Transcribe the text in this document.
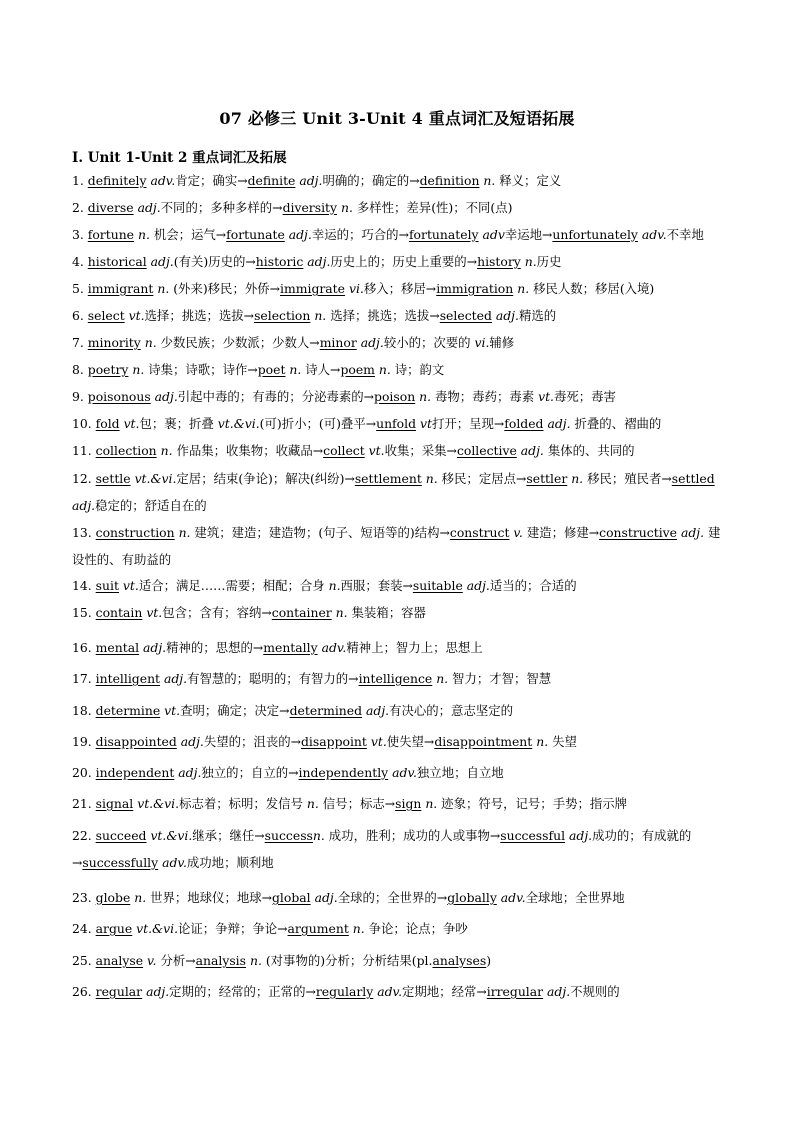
07 必修三 Unit 3-Unit 4 重点词汇及短语拓展
I. Unit 1-Unit 2 重点词汇及拓展
1. definitely adv.肯定；确实→definite adj.明确的；确定的→definition n. 释义；定义
2. diverse adj.不同的；多种多样的→diversity n. 多样性；差异(性)；不同(点)
3. fortune n. 机会；运气→fortunate adj.幸运的；巧合的→fortunately adv幸运地→unfortunately adv.不幸地
4. historical adj.(有关)历史的→historic adj.历史上的；历史上重要的→history n.历史
5. immigrant n. (外来)移民；外侨→immigrate vi.移入；移居→immigration n. 移民人数；移居(入境)
6. select vt.选择；挑选；选拔→selection n. 选择；挑选；选拔→selected adj.精选的
7. minority n. 少数民族；少数派；少数人→minor adj.较小的；次要的 vi.辅修
8. poetry n. 诗集；诗歌；诗作→poet n. 诗人→poem n. 诗；韵文
9. poisonous adj.引起中毒的；有毒的；分泌毒素的→poison n. 毒物；毒药；毒素 vt.毒死；毒害
10. fold vt.包；裹；折叠 vt.&vi.(可)折小；(可)叠平→unfold vt打开；呈现→folded adj. 折叠的、褶曲的
11. collection n. 作品集；收集物；收藏品→collect vt.收集；采集→collective adj. 集体的、共同的
12. settle vt.&vi.定居；结束(争论)；解决(纠纷)→settlement n. 移民；定居点→settler n. 移民；殖民者→settled adj.稳定的；舒适自在的
13. construction n. 建筑；建造；建造物；(句子、短语等的)结构→construct v. 建造；修建→constructive adj. 建设性的、有助益的
14. suit vt.适合；满足……需要；相配；合身 n.西服；套装→suitable adj.适当的；合适的
15. contain vt.包含；含有；容纳→container n. 集装箱；容器
16. mental adj.精神的；思想的→mentally adv.精神上；智力上；思想上
17. intelligent adj.有智慧的；聪明的；有智力的→intelligence n. 智力；才智；智慧
18. determine vt.查明；确定；决定→determined adj.有决心的；意志坚定的
19. disappointed adj.失望的；沮丧的→disappoint vt.使失望→disappointment n. 失望
20. independent adj.独立的；自立的→independently adv.独立地；自立地
21. signal vt.&vi.标志着；标明；发信号 n. 信号；标志→sign n. 迹象；符号，记号；手势；指示牌
22. succeed vt.&vi.继承；继任→successn. 成功，胜利；成功的人或事物→successful adj.成功的；有成就的→successfully adv.成功地；顺利地
23. globe n. 世界；地球仪；地球→global adj.全球的；全世界的→globally adv.全球地；全世界地
24. argue vt.&vi.论证；争辩；争论→argument n. 争论；论点；争吵
25. analyse v. 分析→analysis n. (对事物的)分析；分析结果(pl.analyses)
26. regular adj.定期的；经常的；正常的→regularly adv.定期地；经常→irregular adj.不规则的
